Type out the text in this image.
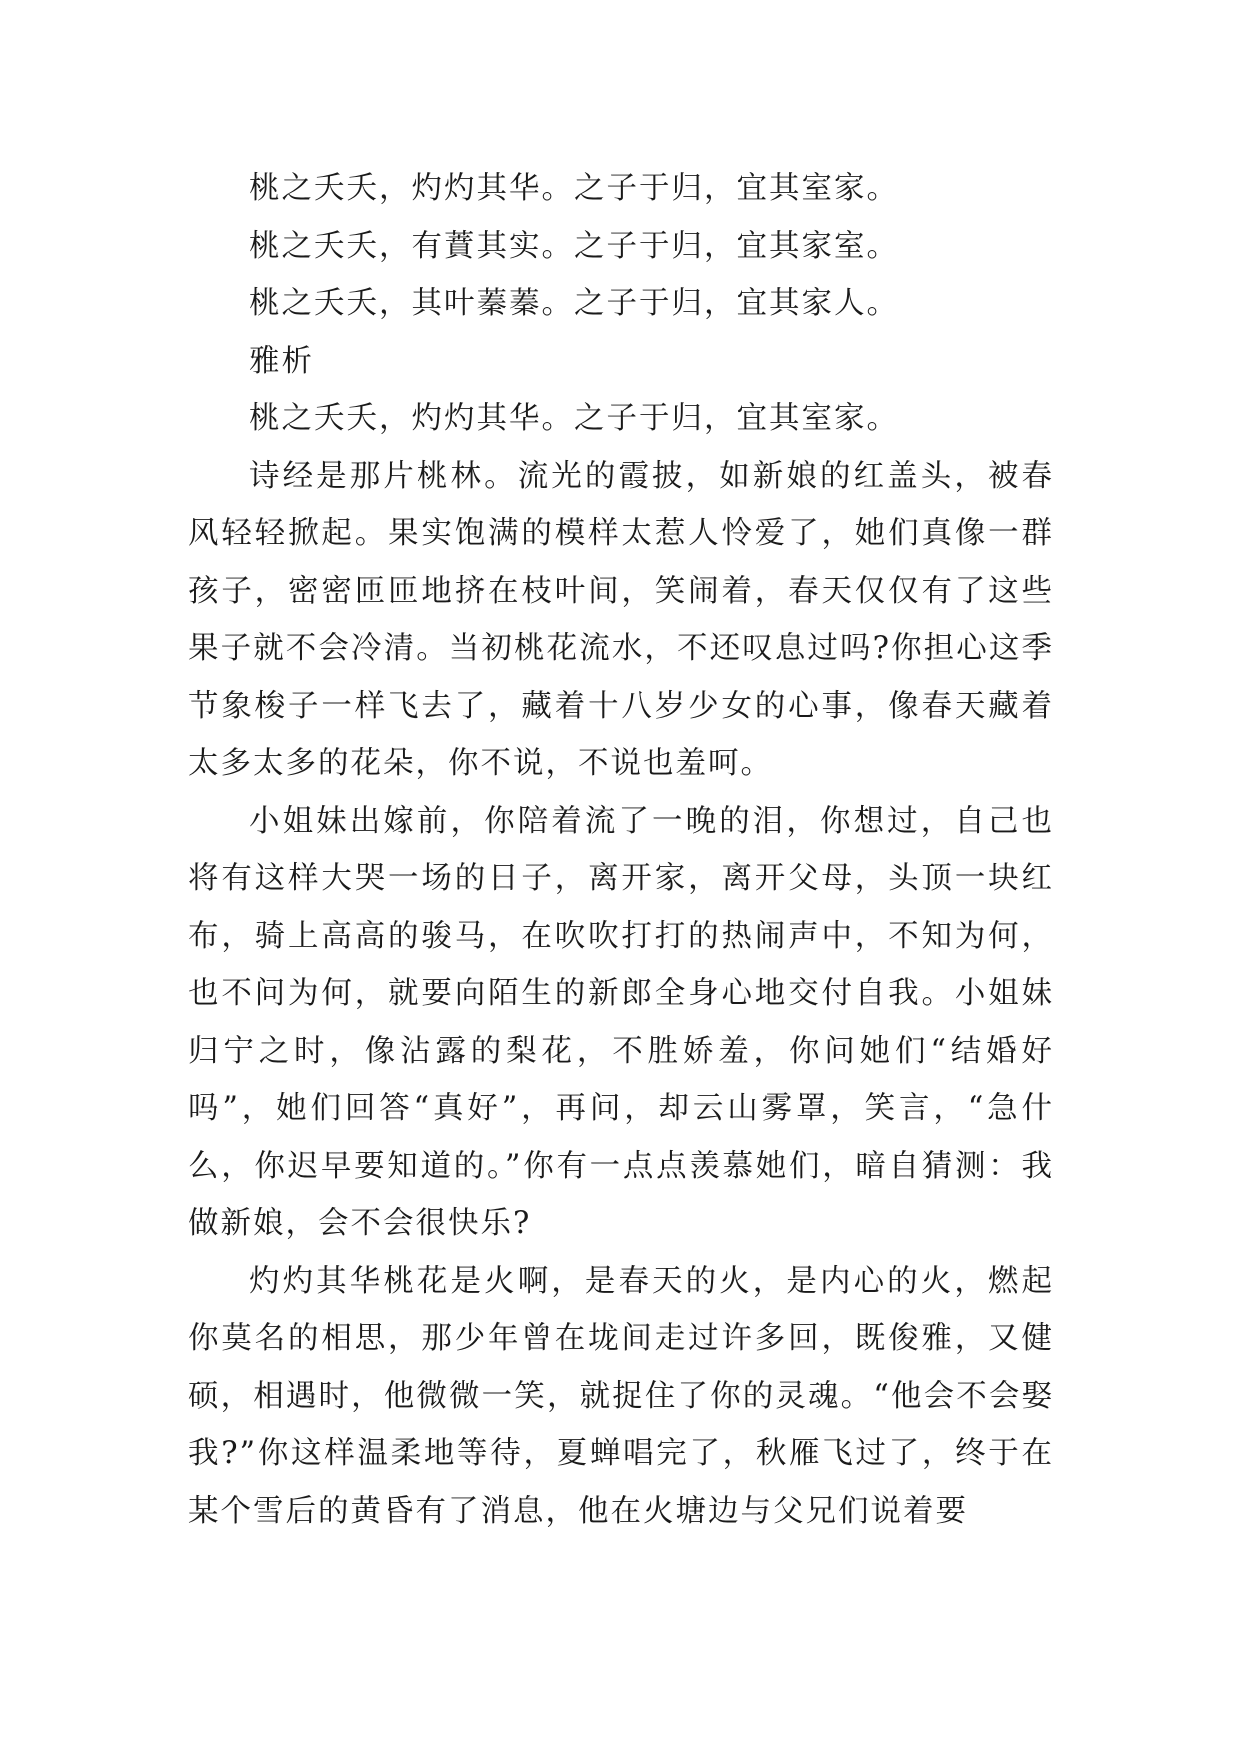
桃之夭夭，灼灼其华。之子于归，宜其室家。

桃之夭夭，有蕡其实。之子于归，宜其家室。

桃之夭夭，其叶蓁蓁。之子于归，宜其家人。

雅析

桃之夭夭，灼灼其华。之子于归，宜其室家。

诗经是那片桃林。流光的霞披，如新娘的红盖头，被春风轻轻掀起。果实饱满的模样太惹人怜爱了，她们真像一群孩子，密密匝匝地挤在枝叶间，笑闹着，春天仅仅有了这些果子就不会冷清。当初桃花流水，不还叹息过吗?你担心这季节象梭子一样飞去了，藏着十八岁少女的心事，像春天藏着太多太多的花朵，你不说，不说也羞呵。

小姐妹出嫁前，你陪着流了一晚的泪，你想过，自己也将有这样大哭一场的日子，离开家，离开父母，头顶一块红布，骑上高高的骏马，在吹吹打打的热闹声中，不知为何，也不问为何，就要向陌生的新郎全身心地交付自我。小姐妹归宁之时，像沾露的梨花，不胜娇羞，你问她们“结婚好吗”，她们回答“真好”，再问，却云山雾罩，笑言，“急什么，你迟早要知道的。”你有一点点羡慕她们，暗自猜测：我做新娘，会不会很快乐?

灼灼其华桃花是火啊，是春天的火，是内心的火，燃起你莫名的相思，那少年曾在垅间走过许多回，既俊雅，又健硕，相遇时，他微微一笑，就捉住了你的灵魂。“他会不会娶我?”你这样温柔地等待，夏蝉唱完了，秋雁飞过了，终于在某个雪后的黄昏有了消息，他在火塘边与父兄们说着要
